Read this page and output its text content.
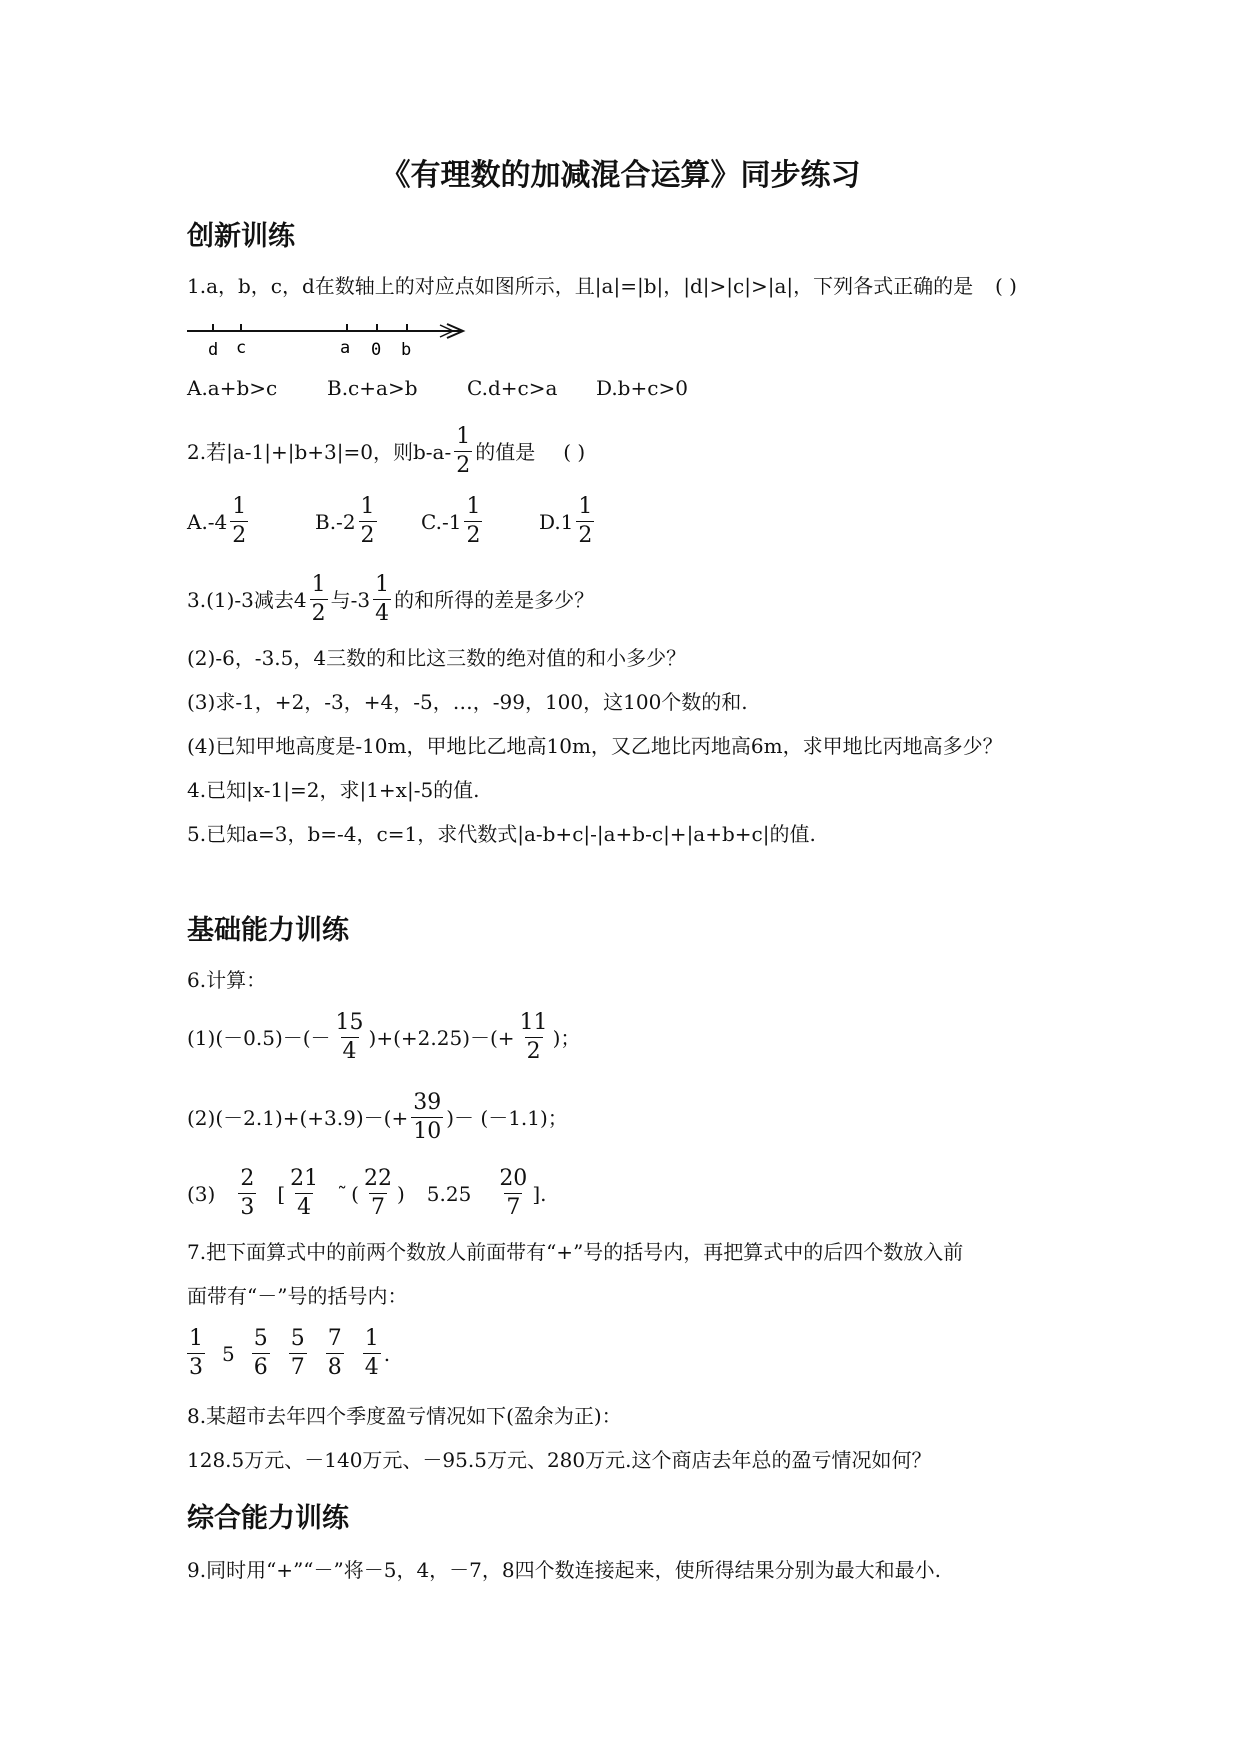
《有理数的加减混合运算》同步练习
创新训练
1.a，b，c，d在数轴上的对应点如图所示，且|a|=|b|，|d|>|c|>|a|，下列各式正确的是 ( )
d c	a 0 b
A.a+b>c B.c+a>b C.d+c>a D.b+c>0
2.若|a-1|+|b+3|=0，则$b-a- \frac{1}{2}$ 的值是 ( )
$A.-4 \frac{1}{2}$	$B.-2 \frac{1}{2} C.-1 \frac{1}{2}$	$D.1 \frac{1}{2}$
3.(1)-3减去$4 \frac{1}{2}$ 与$-3 \frac{1}{4}$ 的和所得的差是多少？
(2)-6，-3.5，4三数的和比这三数的绝对值的和小多少？
(3)求-1，+2，-3，+4，-5，…，-99，100，这100个数的和.
(4)已知甲地高度是-10m，甲地比乙地高10m，又乙地比丙地高6m，求甲地比丙地高多少？
4.已知|x-1|=2，求|1+x|-5的值.
5.已知a=3，b=-4，c=1，求代数式|a-b+c|-|a+b-c|+|a+b+c|的值.
基础能力训练
6.计算：
$(1)(-0.5)-(- \frac{15}{4} )+(+2.25)-(+ \frac{11}{2}$ )；
$(2)(-2.1)+(+3.9)-(+ \frac{39}{10}$ )－ (－1.1)；
$(3) \frac{2}{3}$ [ $\frac{21}{4}$ ˜ ( $\frac{22}{7}$ ) $5.25 \frac{20}{7}$ ].
7.把下面算式中的前两个数放人前面带有“+”号的括号内，再把算式中的后四个数放入前
面带有“－”号的括号内：
$\frac{1}{3} 5 \frac{5}{6} \frac{5}{7} \frac{7}{8} \frac{1}{4}$ .
8.某超市去年四个季度盈亏情况如下(盈余为正)：
128.5万元、－140万元、－95.5万元、280万元.这个商店去年总的盈亏情况如何？
综合能力训练
9.同时用“+”“－”将－5，4，－7，8四个数连接起来，使所得结果分别为最大和最小.
